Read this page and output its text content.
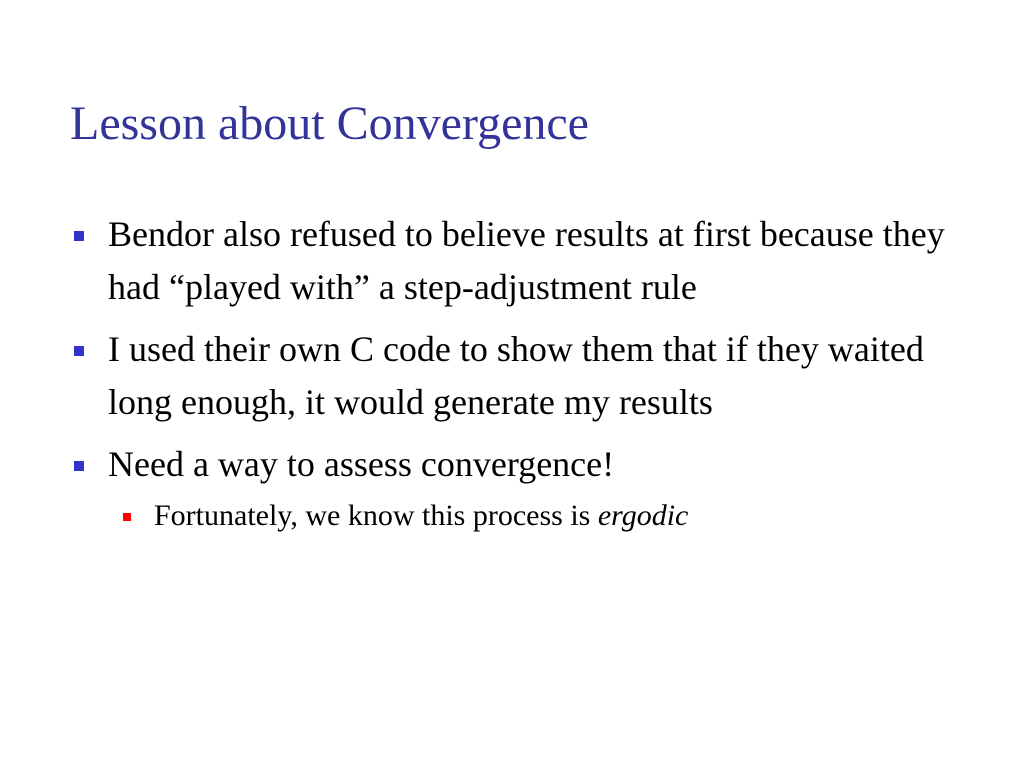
Lesson about Convergence
Bendor also refused to believe results at first because they had “played with” a step-adjustment rule
I used their own C code to show them that if they waited long enough, it would generate my results
Need a way to assess convergence!
Fortunately, we know this process is ergodic
